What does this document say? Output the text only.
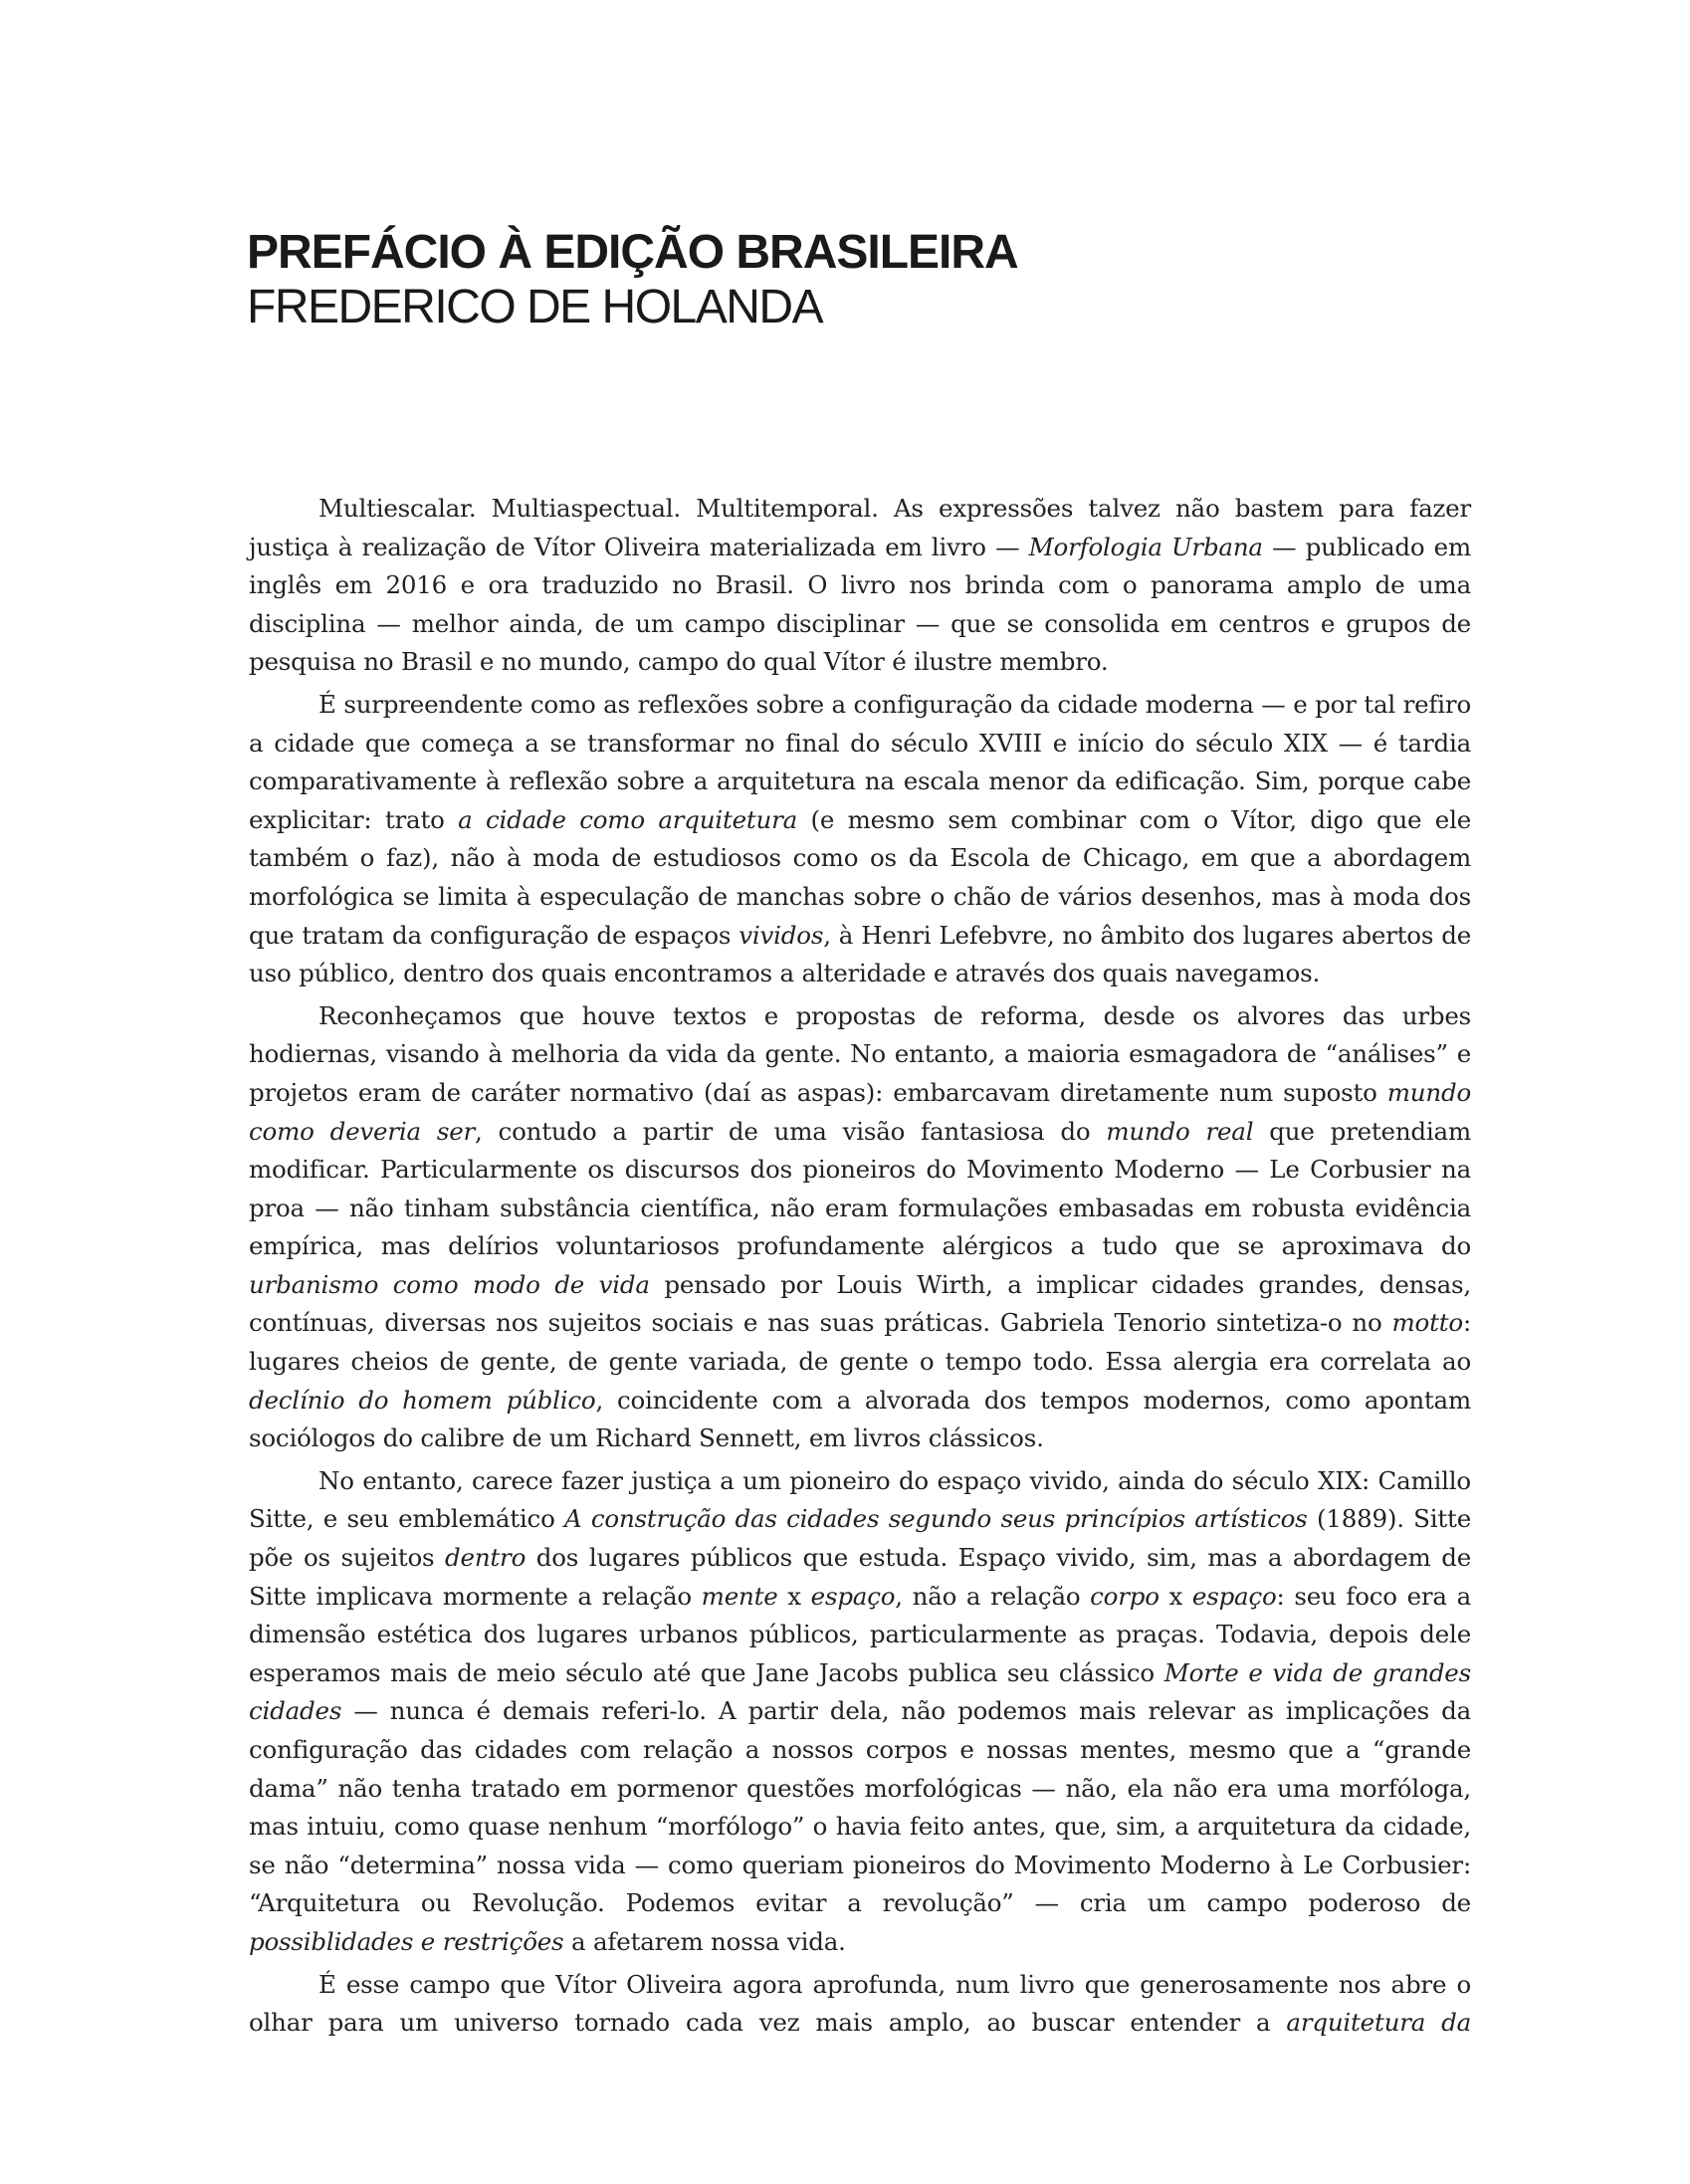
PREFÁCIO À EDIÇÃO BRASILEIRA
FREDERICO DE HOLANDA

Multiescalar. Multiaspectual. Multitemporal. As expressões talvez não bastem para fazer justiça à realização de Vítor Oliveira materializada em livro — Morfologia Urbana — publicado em inglês em 2016 e ora traduzido no Brasil. O livro nos brinda com o panorama amplo de uma disciplina — melhor ainda, de um campo disciplinar — que se consolida em centros e grupos de pesquisa no Brasil e no mundo, campo do qual Vítor é ilustre membro.

É surpreendente como as reflexões sobre a configuração da cidade moderna — e por tal refiro a cidade que começa a se transformar no final do século XVIII e início do século XIX — é tardia comparativamente à reflexão sobre a arquitetura na escala menor da edificação. Sim, porque cabe explicitar: trato a cidade como arquitetura (e mesmo sem combinar com o Vítor, digo que ele também o faz), não à moda de estudiosos como os da Escola de Chicago, em que a abordagem morfológica se limita à especulação de manchas sobre o chão de vários desenhos, mas à moda dos que tratam da configuração de espaços vividos, à Henri Lefebvre, no âmbito dos lugares abertos de uso público, dentro dos quais encontramos a alteridade e através dos quais navegamos.

Reconheçamos que houve textos e propostas de reforma, desde os alvores das urbes hodiernas, visando à melhoria da vida da gente. No entanto, a maioria esmagadora de “análises” e projetos eram de caráter normativo (daí as aspas): embarcavam diretamente num suposto mundo como deveria ser, contudo a partir de uma visão fantasiosa do mundo real que pretendiam modificar. Particularmente os discursos dos pioneiros do Movimento Moderno — Le Corbusier na proa — não tinham substância científica, não eram formulações embasadas em robusta evidência empírica, mas delírios voluntariosos profundamente alérgicos a tudo que se aproximava do urbanismo como modo de vida pensado por Louis Wirth, a implicar cidades grandes, densas, contínuas, diversas nos sujeitos sociais e nas suas práticas. Gabriela Tenorio sintetiza-o no motto: lugares cheios de gente, de gente variada, de gente o tempo todo. Essa alergia era correlata ao declínio do homem público, coincidente com a alvorada dos tempos modernos, como apontam sociólogos do calibre de um Richard Sennett, em livros clássicos.

No entanto, carece fazer justiça a um pioneiro do espaço vivido, ainda do século XIX: Camillo Sitte, e seu emblemático A construção das cidades segundo seus princípios artísticos (1889). Sitte põe os sujeitos dentro dos lugares públicos que estuda. Espaço vivido, sim, mas a abordagem de Sitte implicava mormente a relação mente x espaço, não a relação corpo x espaço: seu foco era a dimensão estética dos lugares urbanos públicos, particularmente as praças. Todavia, depois dele esperamos mais de meio século até que Jane Jacobs publica seu clássico Morte e vida de grandes cidades — nunca é demais referi-lo. A partir dela, não podemos mais relevar as implicações da configuração das cidades com relação a nossos corpos e nossas mentes, mesmo que a “grande dama” não tenha tratado em pormenor questões morfológicas — não, ela não era uma morfóloga, mas intuiu, como quase nenhum “morfólogo” o havia feito antes, que, sim, a arquitetura da cidade, se não “determina” nossa vida — como queriam pioneiros do Movimento Moderno à Le Corbusier: “Arquitetura ou Revolução. Podemos evitar a revolução” — cria um campo poderoso de possiblidades e restrições a afetarem nossa vida.

É esse campo que Vítor Oliveira agora aprofunda, num livro que generosamente nos abre o olhar para um universo tornado cada vez mais amplo, ao buscar entender a arquitetura da
